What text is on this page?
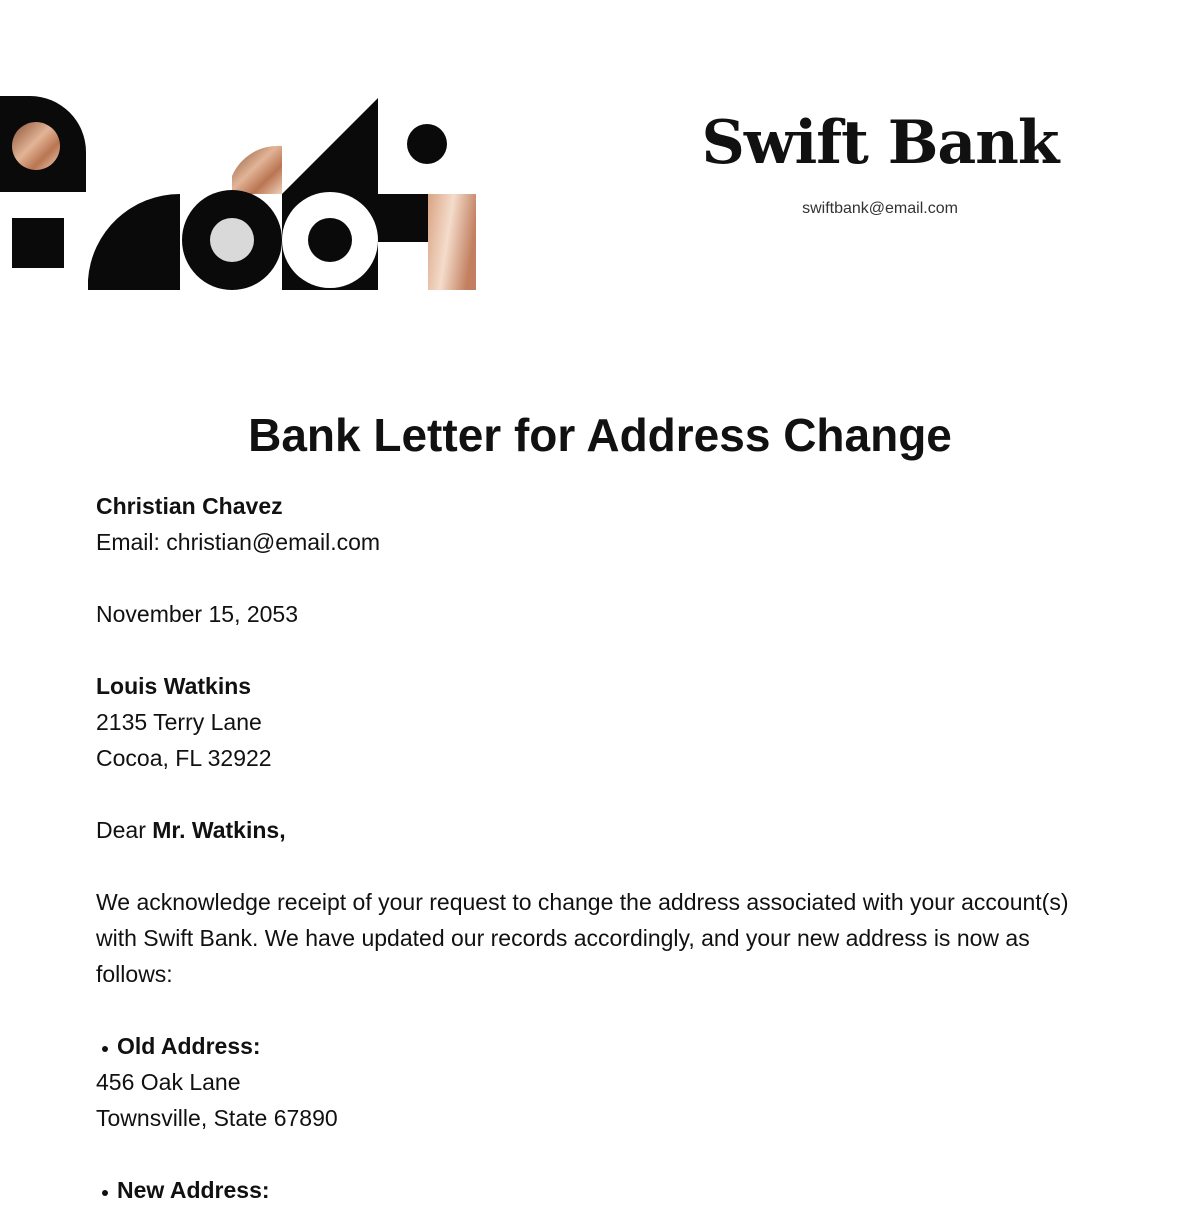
Swift Bank
swiftbank@email.com
Bank Letter for Address Change

Christian Chavez

Email: christian@email.com

November 15, 2053

Louis Watkins

2135 Terry Lane

Cocoa, FL 32922

Dear Mr. Watkins,

We acknowledge receipt of your request to change the address associated with your account(s) with Swift Bank. We have updated our records accordingly, and your new address is now as follows:

Old Address:

456 Oak Lane

Townsville, State 67890

New Address:
